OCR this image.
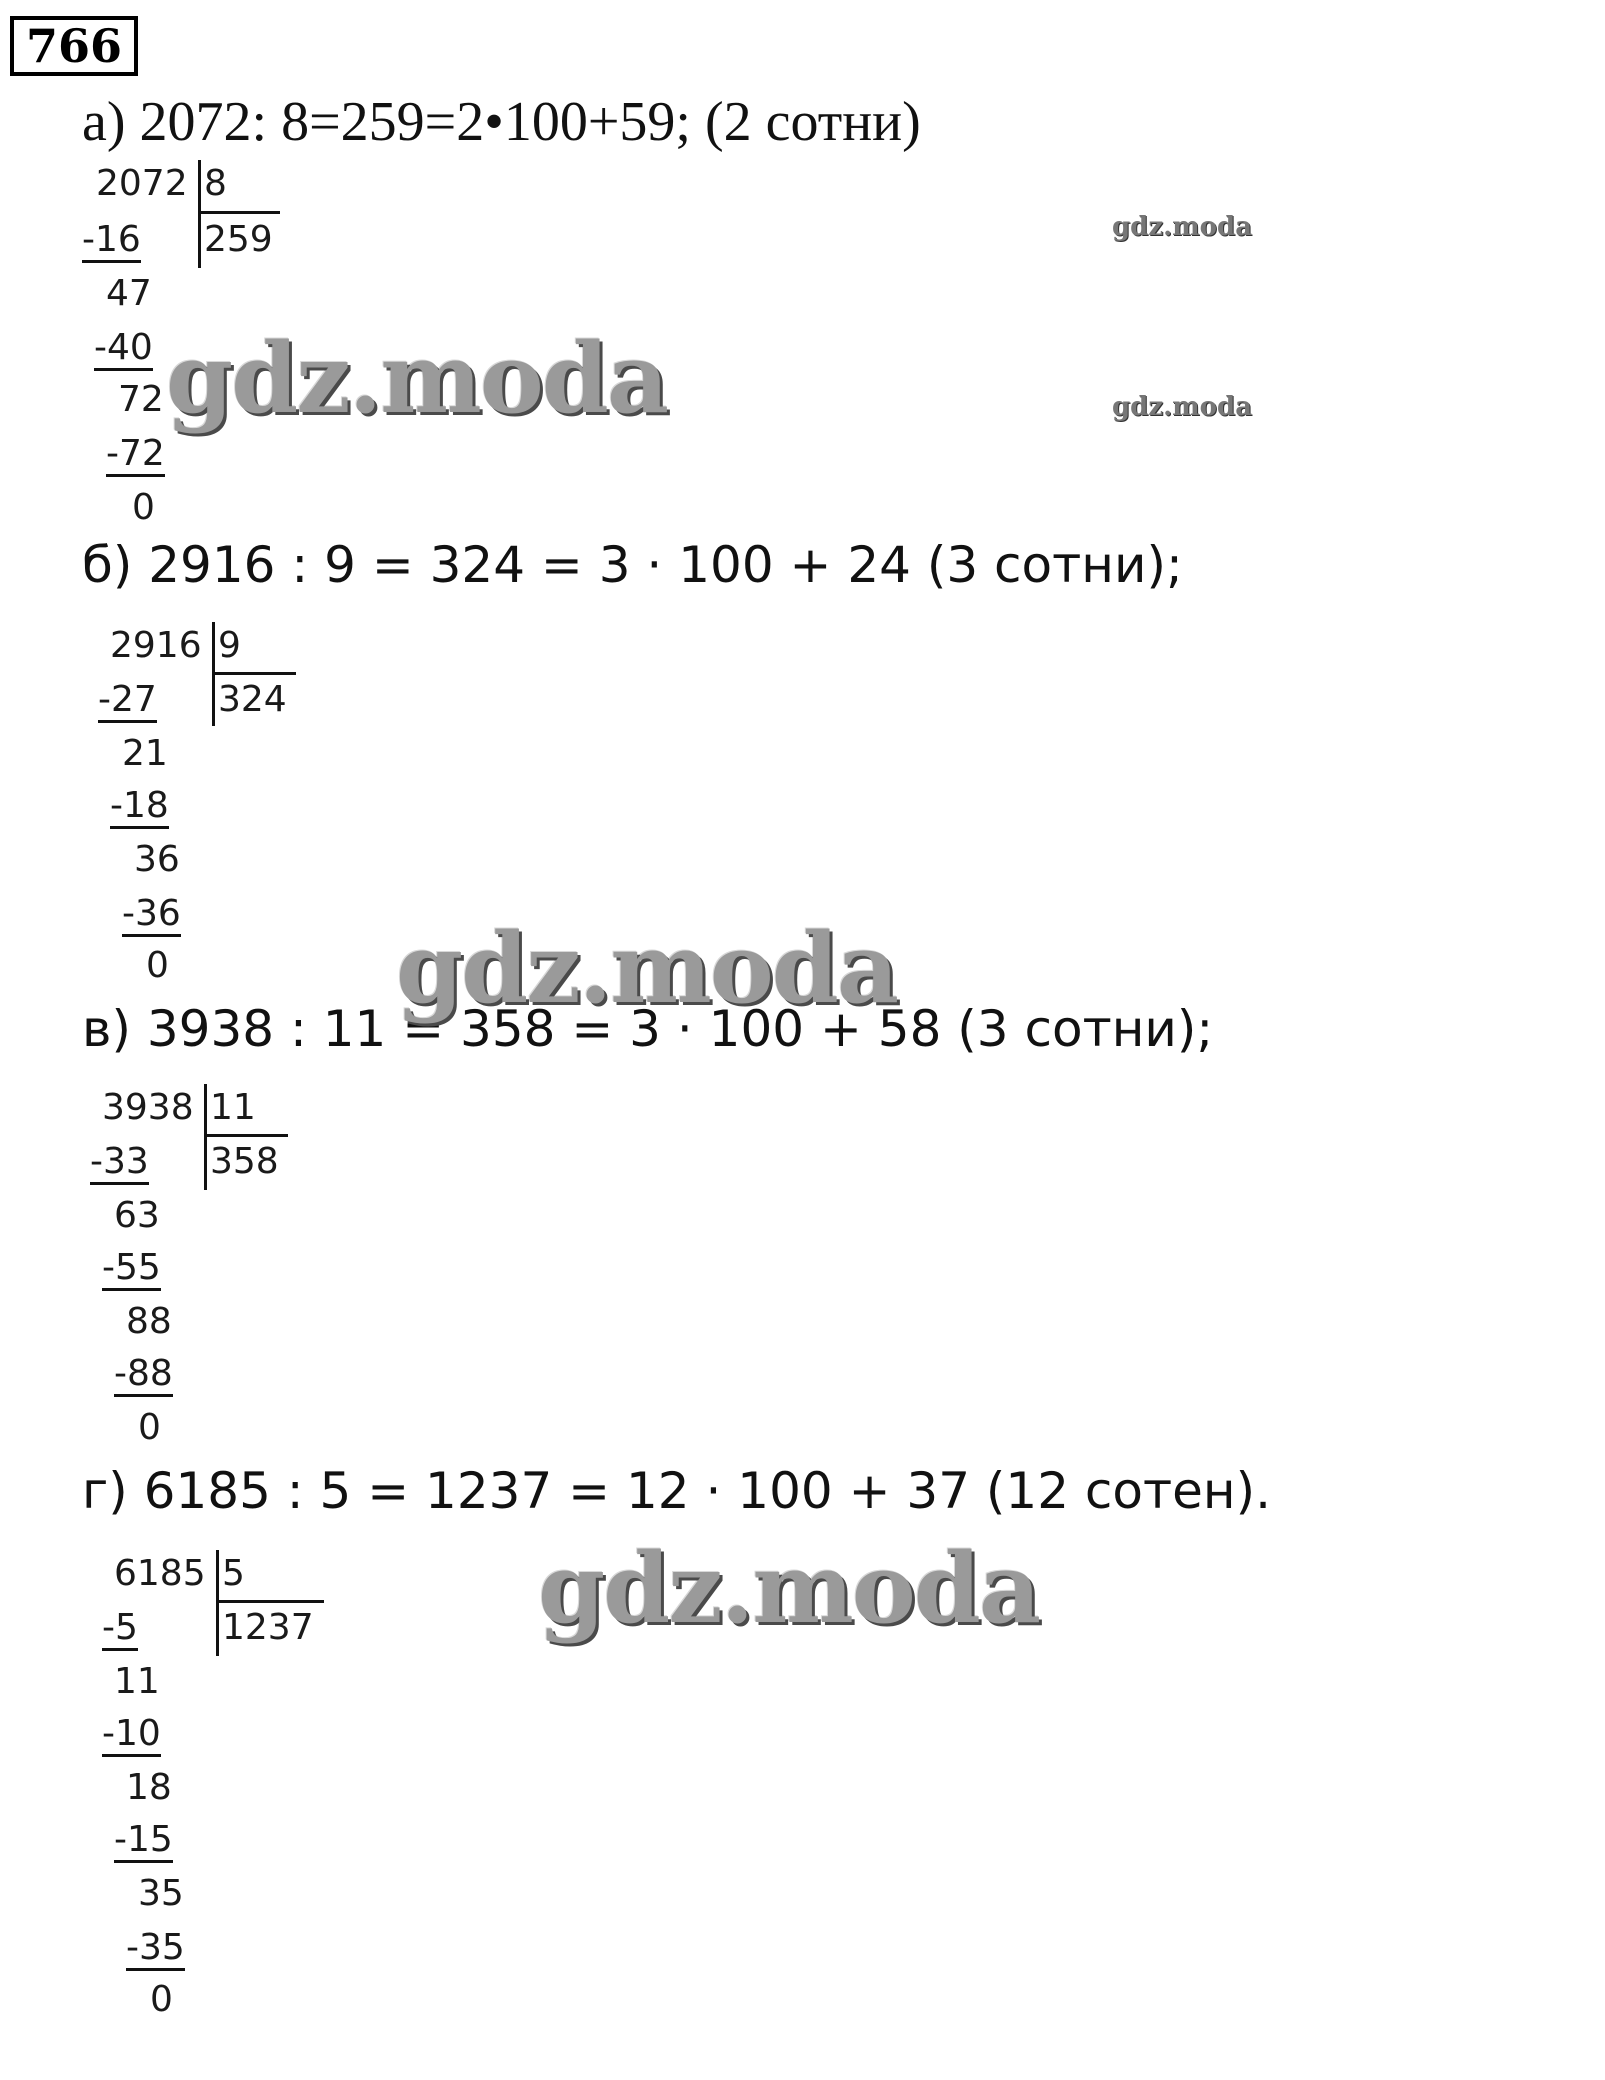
766
а) 2072: 8=259=2•100+59; (2 сотни)
2072 8
259
-16
47
-40
72
-72
0
б) 2916 : 9 = 324 = 3 · 100 + 24 (3 сотни);
2916 9
324
-27
21
-18
36
-36
0
в) 3938 : 11 = 358 = 3 · 100 + 58 (3 сотни);
3938 11
358
-33
63
-55
88
-88
0
г) 6185 : 5 = 1237 = 12 · 100 + 37 (12 сотен).
6185 5
1237
-5
11
-10
18
-15
35
-35
0
gdz.moda
gdz.moda
gdz.moda
gdz.moda
gdz.moda
